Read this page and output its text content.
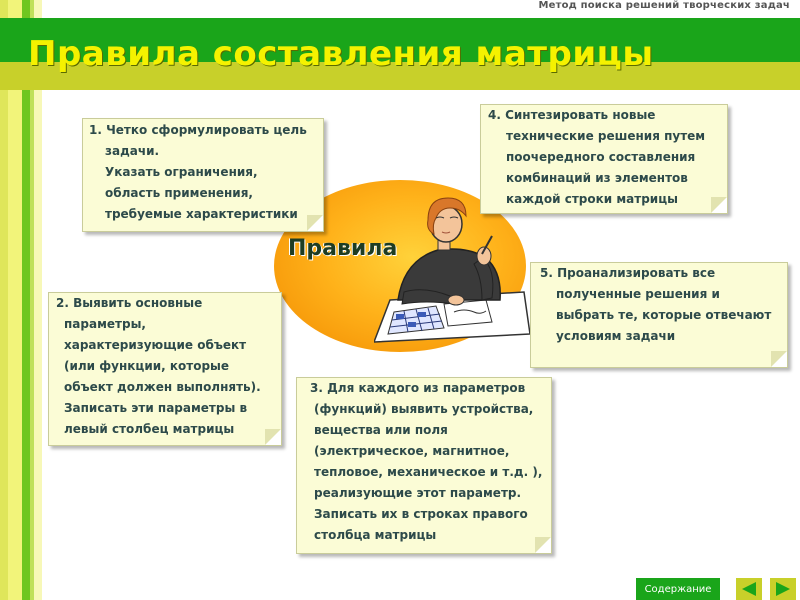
Метод поиска решений творческих задач
Правила составления матрицы
Правила
1. Четко сформулировать цель
задачи.
Указать ограничения,
область применения,
требуемые характеристики
2. Выявить основные
параметры,
характеризующие объект
(или функции, которые
объект должен выполнять).
Записать эти параметры в
левый столбец матрицы
3. Для каждого из параметров
(функций) выявить устройства,
вещества или поля
(электрическое, магнитное,
тепловое, механическое и т.д. ),
реализующие этот параметр.
Записать их в строках правого
столбца матрицы
4. Синтезировать новые
технические решения путем
поочередного составления
комбинаций из элементов
каждой строки матрицы
5. Проанализировать все
полученные решения и
выбрать те, которые отвечают
условиям задачи
Содержание
